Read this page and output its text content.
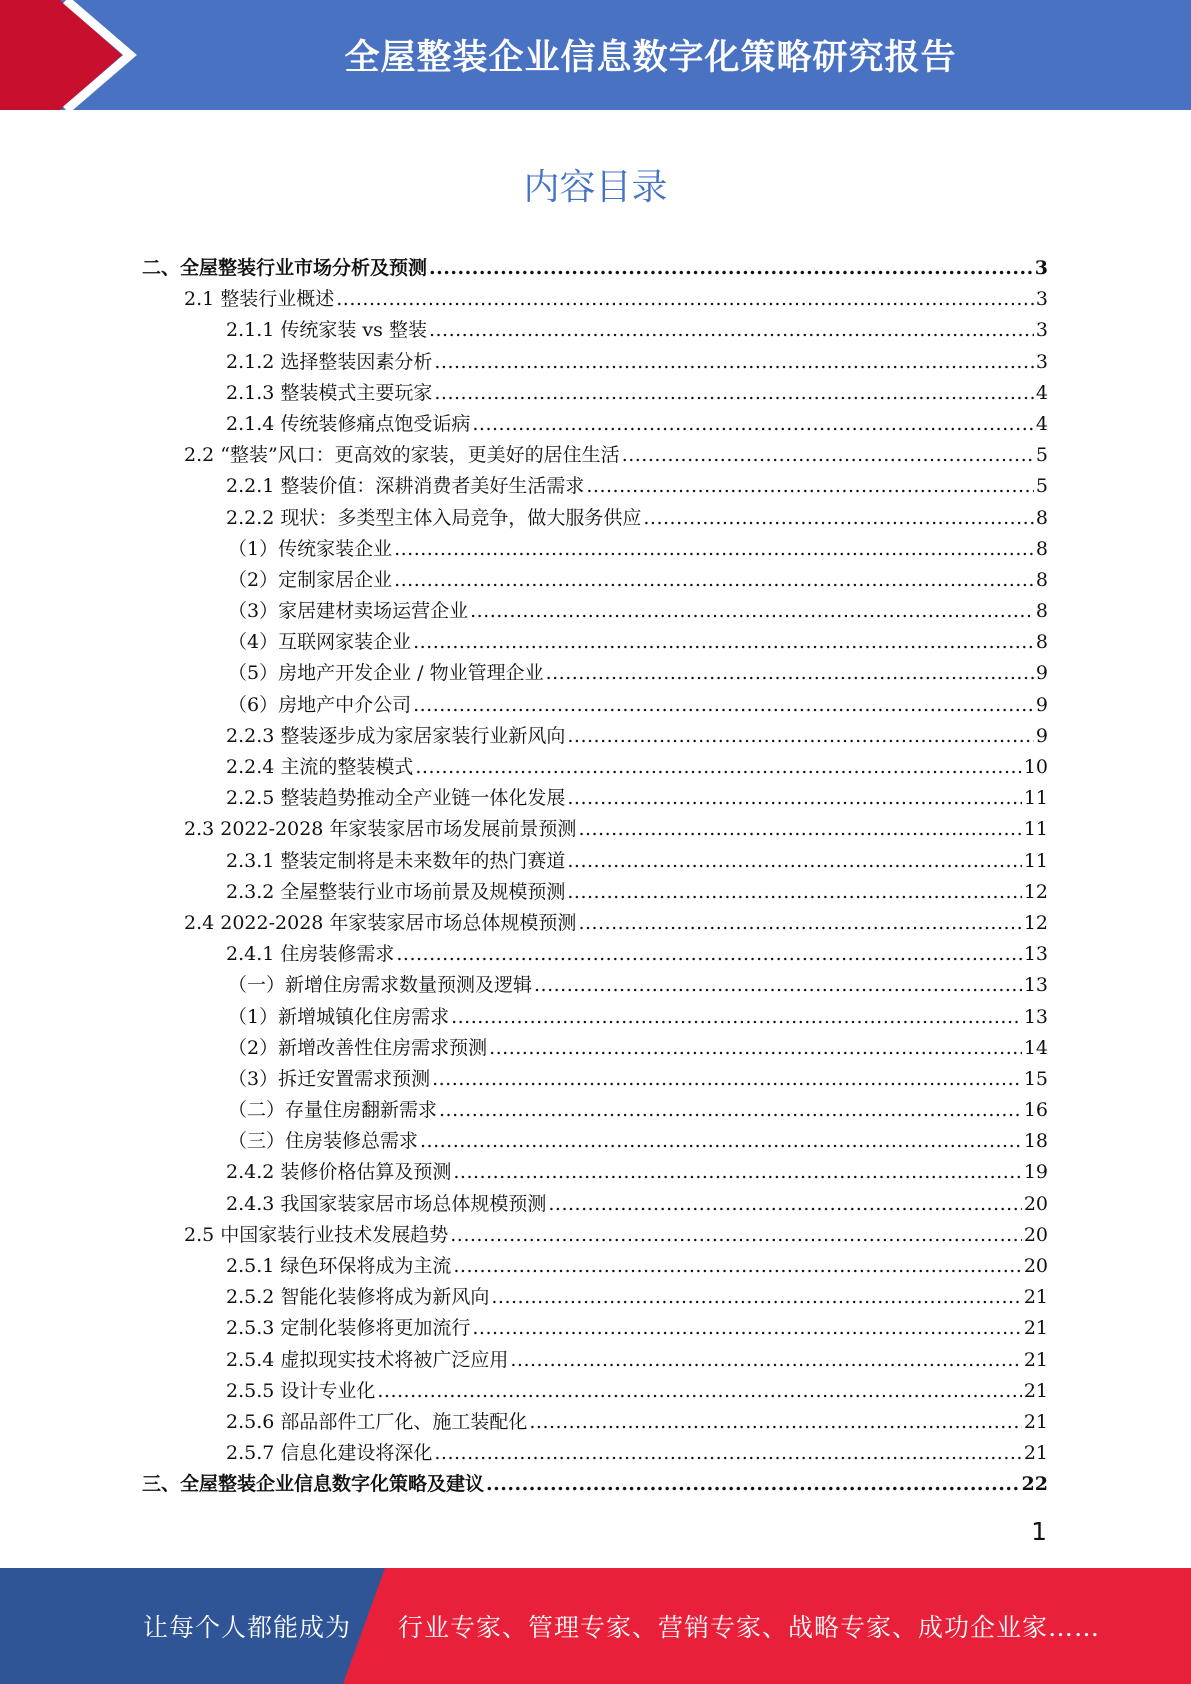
全屋整装企业信息数字化策略研究报告
内容目录
二、全屋整装行业市场分析及预测 .....	3
2.1 整装行业概述 .....	3
2.1.1 传统家装 vs 整装 .....	3
2.1.2 选择整装因素分析 .....	3
2.1.3 整装模式主要玩家 .....	4
2.1.4 传统装修痛点饱受诟病 .....	4
2.2 “整装”风口：更高效的家装，更美好的居住生活 .....	5
2.2.1 整装价值：深耕消费者美好生活需求 .....	5
2.2.2 现状：多类型主体入局竞争，做大服务供应 .....	8
（1）传统家装企业 .....	8
（2）定制家居企业 .....	8
（3）家居建材卖场运营企业 .....	8
（4）互联网家装企业 .....	8
（5）房地产开发企业 / 物业管理企业 .....	9
（6）房地产中介公司 .....	9
2.2.3 整装逐步成为家居家装行业新风向 .....	9
2.2.4 主流的整装模式 .....	10
2.2.5 整装趋势推动全产业链一体化发展 .....	11
2.3 2022-2028 年家装家居市场发展前景预测 .....	11
2.3.1 整装定制将是未来数年的热门赛道 .....	11
2.3.2 全屋整装行业市场前景及规模预测 .....	12
2.4 2022-2028 年家装家居市场总体规模预测 .....	12
2.4.1 住房装修需求 .....	13
（一）新增住房需求数量预测及逻辑 .....	13
（1）新增城镇化住房需求 .....	13
（2）新增改善性住房需求预测 .....	14
（3）拆迁安置需求预测 .....	15
（二）存量住房翻新需求 .....	16
（三）住房装修总需求 .....	18
2.4.2 装修价格估算及预测 .....	19
2.4.3 我国家装家居市场总体规模预测 .....	20
2.5 中国家装行业技术发展趋势 .....	20
2.5.1 绿色环保将成为主流 .....	20
2.5.2 智能化装修将成为新风向 .....	21
2.5.3 定制化装修将更加流行 .....	21
2.5.4 虚拟现实技术将被广泛应用 .....	21
2.5.5 设计专业化 .....	21
2.5.6 部品部件工厂化、施工装配化 .....	21
2.5.7 信息化建设将深化 .....	21
三、全屋整装企业信息数字化策略及建议 .....	22
1
让每个人都能成为 行业专家、管理专家、营销专家、战略专家、成功企业家……
